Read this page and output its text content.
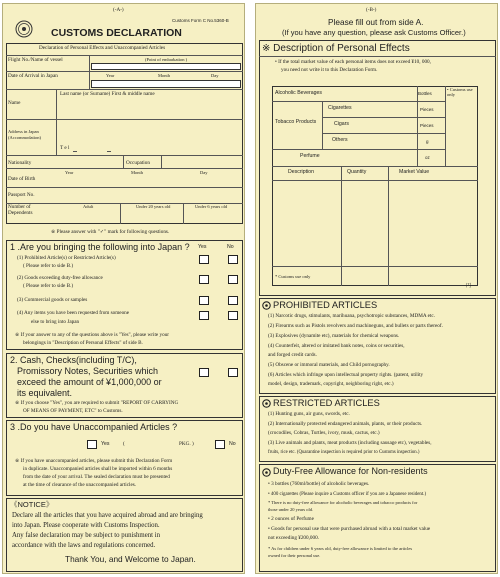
(-A-)
Customs Form C No.5360-B
CUSTOMS DECLARATION
Declaration of Personal Effects and Unaccompanied Articles
Flight No./Name of vessel	(Point of embarkation )
Date of Arrival in Japan	Year	Month	Day
Name
Last name (or Surname) First & middle name
Address in Japan
(Accommodation)
T e l
Nationality	Occupation
Date of Birth
Year	Month	Day
Passport No.
Number of Dependents
Adult	Under 20 years old	Under 6 years old
※ Please answer with "✓" mark for following questions.
1 .Are you bringing the following into Japan ? Yes	No
(1) Prohibited Article(s) or Restricted Article(s)
( Please refer to side B.)
(2) Goods exceeding duty-free allowance
( Please refer to side B.)
(3) Commercial goods or samples
(4) Any items you have been requested from someone
else to bring into Japan
※ If your answer to any of the questions above is "Yes", please write your
belongings in "Description of Personal Effects" of side B.
2. Cash, Checks(including T/C),
Promissory Notes, Securities which
exceed the amount of ¥1,000,000 or
its equivalent.
※ If you choose "Yes", you are required to submit "REPORT OF CARRYING
OF MEANS OF PAYMENT, ETC" to Customs.
3 .Do you have Unaccompanied Articles ?
Yes	(	PKG. )	No
※ If you have unaccompanied articles, please submit this Declaration Form
in duplicate. Unaccompanied articles shall be imported within 6 months
from the date of your arrival. The sealed declaration must be presented
at the time of clearance of the unaccompanied articles.
《NOTICE》
Declare all the articles that you have acquired abroad and are bringing
into Japan. Please cooperate with Customs Inspection.
Any false declaration may be subject to punishment in
accordance with the laws and regulations concerned.
Thank You, and Welcome to Japan.
(-B-)
Please fill out from side A.
(If you have any question, please ask Customs Officer.)
※ Description of Personal Effects
• If the total market value of each personal items does not exceed ¥10, 000,
you need not write it to this Declaration Form.
Alcoholic Beverages	Bottles
• Customs use only
Tobacco Products
Cigarettes	Pieces
Cigars	Pieces
Others	g
Perfume	oz
Description	Quantity	Market Value
* Customs use only
円
PROHIBITED ARTICLES
(1) Narcotic drugs, stimulants, marihuana, psychotropic substances, MDMA etc.
(2) Firearms such as Pistols revolvers and machineguns, and bullets or parts thereof.
(3) Explosives (dynamite etc), materials for chemical weapons.
(4) Counterfeit, altered or imitated bank notes, coins or securities,
and forged credit cards.
(5) Obscene or immoral materials, and Child pornography.
(6) Articles which infringe upon intellectual property rights. (patent, utility
model, design, trademark, copyright, neighboring right, etc.)
RESTRICTED ARTICLES
(1) Hunting guns, air guns, swords, etc.
(2) Internationally protected endangered animals, plants, or their products.
(crocodiles, Cobras, Turtles, ivory, musk, cactus, etc.)
(3) Live animals and plants, meat products (including sausage etc), vegetables,
fruits, rice etc. (Quarantine inspection is required prior to Customs inspection.)
Duty-Free Allowance for Non-residents
• 3 bottles (760ml/bottle) of alcoholic beverages.
• 400 cigarettes (Please inquire a Customs officer if you are a Japanese resident.)
* There is no duty-free allowance for alcoholic beverages and tobacco products for
those under 20 years old.
• 2 ounces of Perfume
• Goods for personal use that were purchased abroad with a total market value
not exceeding ¥200,000.
* As for children under 6 years old, duty-free allowance is limited to the articles
owned for their personal use.
